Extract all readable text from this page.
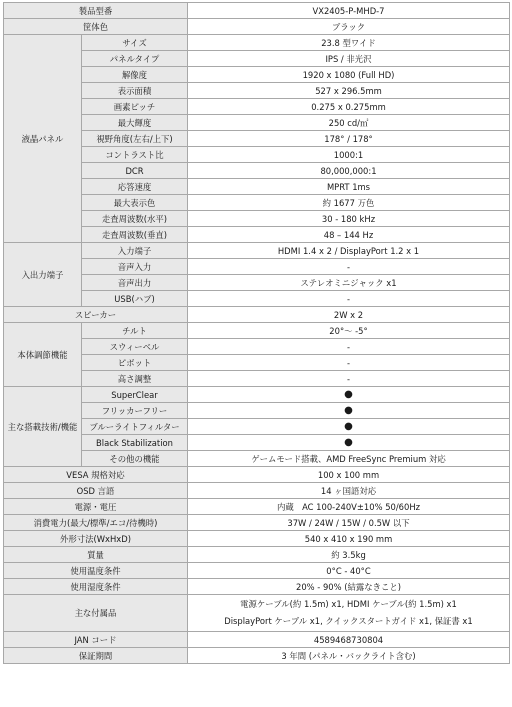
製品型番		VX2405-P-MHD-7
筐体色		ブラック
液晶パネル	サイズ	23.8 型ワイド
	パネルタイプ	IPS / 非光沢
	解像度	1920 x 1080 (Full HD)
	表示面積	527 x 296.5mm
	画素ピッチ	0.275 x 0.275mm
	最大輝度	250 cd/㎡
	視野角度(左右/上下)	178° / 178°
	コントラスト比	1000:1
	DCR	80,000,000:1
	応答速度	MPRT 1ms
	最大表示色	約 1677 万色
	走査周波数(水平)	30 - 180 kHz
	走査周波数(垂直)	48 – 144 Hz
入出力端子	入力端子	HDMI 1.4 x 2 / DisplayPort 1.2 x 1
	音声入力	-
	音声出力	ステレオミニジャック x1
	USB(ハブ)	-
スピーカー		2W x 2
本体調節機能	チルト	20°～ -5°
	スウィーベル	-
	ピボット	-
	高さ調整	-
主な搭載技術/機能	SuperClear	●
	フリッカーフリー	●
	ブルーライトフィルター	●
	Black Stabilization	●
	その他の機能	ゲームモード搭載、AMD FreeSync Premium 対応
VESA 規格対応		100 x 100 mm
OSD 言語		14 ヶ国語対応
電源・電圧		内蔵　AC 100-240V±10% 50/60Hz
消費電力(最大/標準/エコ/待機時)		37W / 24W / 15W / 0.5W 以下
外形寸法(WxHxD)		540 x 410 x 190 mm
質量		約 3.5kg
使用温度条件		0°C - 40°C
使用湿度条件		20% - 90% (結露なきこと)
主な付属品		電源ケーブル(約 1.5m) x1, HDMI ケーブル(約 1.5m) x1
DisplayPort ケーブル x1, クイックスタートガイド x1, 保証書 x1

JAN コード		4589468730804
保証期間		3 年間 (パネル・バックライト含む)
